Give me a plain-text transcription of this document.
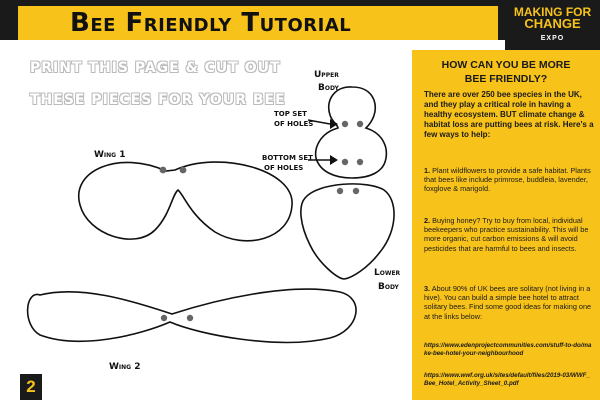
Bee Friendly Tutorial	MAKING FOR
CHANGE
EXPO
PRINT THIS PAGE & CUT OUT
THESE PIECES FOR YOUR BEE
Upper
Body
Lower
Body
Wing 1
Wing 2
TOP SET
OF HOLES
BOTTOM SET
OF HOLES
HOW CAN YOU BE MORE
BEE FRIENDLY?
There are over 250 bee species in the UK, and they play a critical role in having a healthy ecosystem. BUT climate change & habitat loss are putting bees at risk. Here's a few ways to help:
1. Plant wildflowers to provide a safe habitat. Plants that bees like include primrose, buddleia, lavender, foxglove & marigold.
2. Buying honey? Try to buy from local, individual beekeepers who practice sustainability. This will be more organic, cut carbon emissions & will avoid pesticides that are harmful to bees and insects.
3. About 90% of UK bees are solitary (not living in a hive). You can build a simple bee hotel to attract solitary bees. Find some good ideas for making one at the links below:
https://www.edenprojectcommunities.com/stuff-to-do/make-bee-hotel-your-neighbourhood
https://www.wwf.org.uk/sites/default/files/2019-03/WWF_Bee_Hotel_Activity_Sheet_0.pdf
2
